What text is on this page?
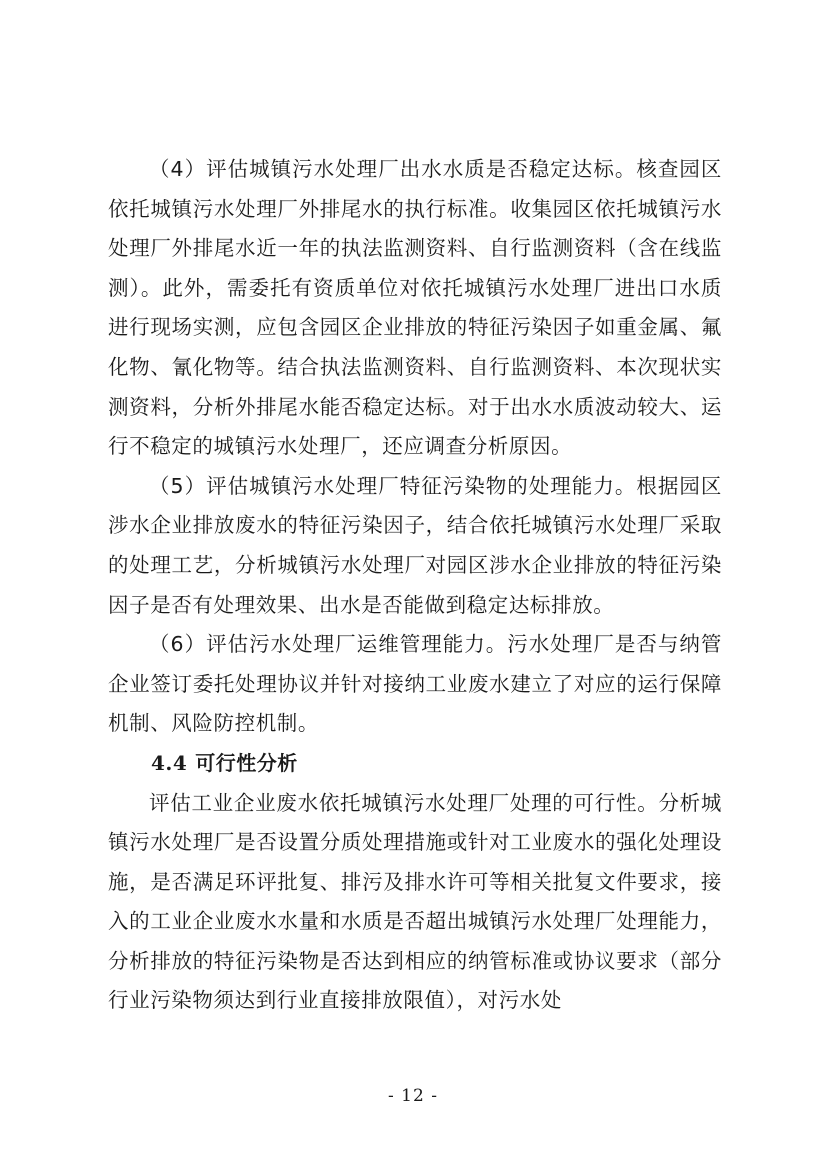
（4）评估城镇污水处理厂出水水质是否稳定达标。核查园区依托城镇污水处理厂外排尾水的执行标准。收集园区依托城镇污水处理厂外排尾水近一年的执法监测资料、自行监测资料（含在线监测）。此外，需委托有资质单位对依托城镇污水处理厂进出口水质进行现场实测，应包含园区企业排放的特征污染因子如重金属、氟化物、氰化物等。结合执法监测资料、自行监测资料、本次现状实测资料，分析外排尾水能否稳定达标。对于出水水质波动较大、运行不稳定的城镇污水处理厂，还应调查分析原因。

（5）评估城镇污水处理厂特征污染物的处理能力。根据园区涉水企业排放废水的特征污染因子，结合依托城镇污水处理厂采取的处理工艺，分析城镇污水处理厂对园区涉水企业排放的特征污染因子是否有处理效果、出水是否能做到稳定达标排放。

（6）评估污水处理厂运维管理能力。污水处理厂是否与纳管企业签订委托处理协议并针对接纳工业废水建立了对应的运行保障机制、风险防控机制。

4.4 可行性分析

评估工业企业废水依托城镇污水处理厂处理的可行性。分析城镇污水处理厂是否设置分质处理措施或针对工业废水的强化处理设施，是否满足环评批复、排污及排水许可等相关批复文件要求，接入的工业企业废水水量和水质是否超出城镇污水处理厂处理能力，分析排放的特征污染物是否达到相应的纳管标准或协议要求（部分行业污染物须达到行业直接排放限值），对污水处

- 12 -
